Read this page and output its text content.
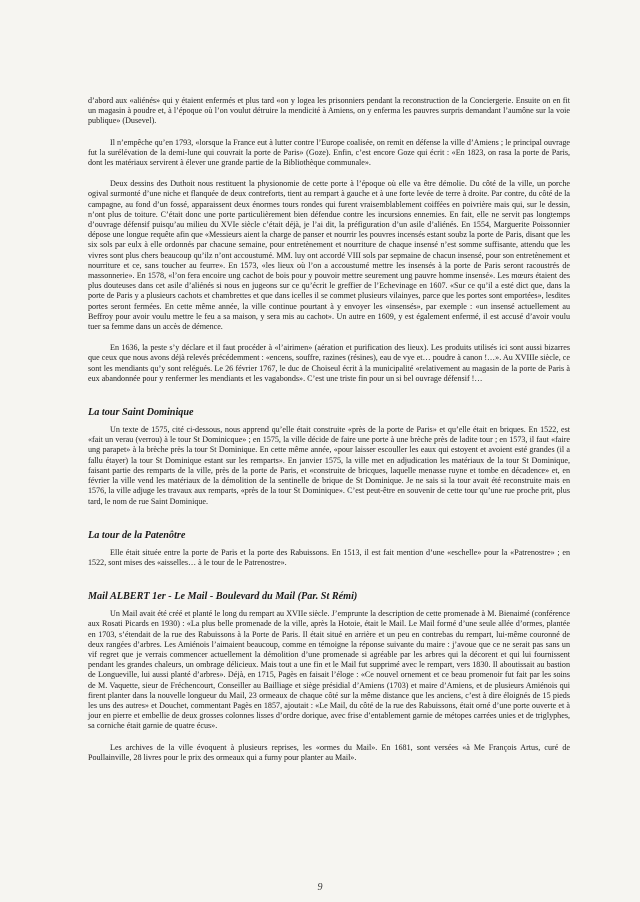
d’abord aux «aliénés» qui y étaient enfermés et plus tard «on y logea les prisonniers pendant la reconstruction de la Conciergerie. Ensuite on en fit un magasin à poudre et, à l’époque où l’on voulut détruire la mendicité à Amiens, on y enferma les pauvres surpris demandant l’aumône sur la voie publique» (Dusevel).

Il n’empêche qu’en 1793, «lorsque la France eut à lutter contre l’Europe coalisée, on remit en défense la ville d’Amiens ; le principal ouvrage fut la surélévation de la demi-lune qui couvrait la porte de Paris» (Goze). Enfin, c’est encore Goze qui écrit : «En 1823, on rasa la porte de Paris, dont les matériaux servirent à élever une grande partie de la Bibliothèque communale».

Deux dessins des Duthoit nous restituent la physionomie de cette porte à l’époque où elle va être démolie. Du côté de la ville, un porche ogival surmonté d’une niche et flanquée de deux contreforts, tient au rempart à gauche et à une forte levée de terre à droite. Par contre, du côté de la campagne, au fond d’un fossé, apparaissent deux énormes tours rondes qui furent vraisemblablement coiffées en poivrière mais qui, sur le dessin, n’ont plus de toiture. C’était donc une porte particulièrement bien défendue contre les incursions ennemies. En fait, elle ne servit pas longtemps d’ouvrage défensif puisqu’au milieu du XVIe siècle c’était déjà, je l’ai dit, la préfiguration d’un asile d’aliénés. En 1554, Marguerite Poissonnier dépose une longue requête afin que «Messieurs aient la charge de panser et nourrir les pouvres incensés estant soubz la porte de Paris, disant que les six sols par eulx à elle ordonnés par chacune semaine, pour entretènement et nourriture de chaque insensé n’est somme suffisante, attendu que les vivres sont plus chers beaucoup qu’ilz n’ont accoustumé. MM. luy ont accordé VIII sols par sepmaine de chacun insensé, pour son entretènement et nourriture et ce, sans toucher au feurre». En 1573, «les lieux où l’on a accoustumé mettre les insensés à la porte de Paris seront racoustrés de massonnerie». En 1578, «l’on fera encoire ung cachot de bois pour y pouvoir mettre seurement ung pauvre homme insensé». Les mœurs étaient des plus douteuses dans cet asile d’aliénés si nous en jugeons sur ce qu’écrit le greffier de l’Echevinage en 1607. «Sur ce qu’il a esté dict que, dans la porte de Paris y a plusieurs cachots et chambrettes et que dans icelles il se commet plusieurs vilainyes, parce que les portes sont emportées», lesdites portes seront fermées. En cette même année, la ville continue pourtant à y envoyer les «insensés», par exemple : «un insensé actuellement au Beffroy pour avoir voulu mettre le feu a sa maison, y sera mis au cachot». Un autre en 1609, y est également enfermé, il est accusé d’avoir voulu tuer sa femme dans un accès de démence.

En 1636, la peste s’y déclare et il faut procéder à «l’airimen» (aération et purification des lieux). Les produits utilisés ici sont aussi bizarres que ceux que nous avons déjà relevés précédemment : «encens, souffre, razines (résines), eau de vye et… poudre à canon !…». Au XVIIIe siècle, ce sont les mendiants qu’y sont relégués. Le 26 février 1767, le duc de Choiseul écrit à la municipalité «relativement au magasin de la porte de Paris à eux abandonnée pour y renfermer les mendiants et les vagabonds». C’est une triste fin pour un si bel ouvrage défensif !…

La tour Saint Dominique

Un texte de 1575, cité ci-dessous, nous apprend qu’elle était construite «près de la porte de Paris» et qu’elle était en briques. En 1522, est «fait un verau (verrou) à le tour St Dominicque» ; en 1575, la ville décide de faire une porte à une brèche près de ladite tour ; en 1573, il faut «faire ung parapet» à la brèche près la tour St Dominique. En cette même année, «pour laisser escouller les eaux qui estoyent et avoient esté grandes (il a fallu étayer) la tour St Dominique estant sur les remparts». En janvier 1575, la ville met en adjudication les matériaux de la tour St Dominique, faisant partie des remparts de la ville, près de la porte de Paris, et «construite de bricques, laquelle menasse ruyne et tombe en décadence» et, en février la ville vend les matériaux de la démolition de la sentinelle de brique de St Dominique. Je ne sais si la tour avait été reconstruite mais en 1576, la ville adjuge les travaux aux remparts, «près de la tour St Dominique». C’est peut-être en souvenir de cette tour qu’une rue proche prit, plus tard, le nom de rue Saint Dominique.

La tour de la Patenôtre

Elle était située entre la porte de Paris et la porte des Rabuissons. En 1513, il est fait mention d’une «eschelle» pour la «Patrenostre» ; en 1522, sont mises des «aisselles… à le tour de le Patrenostre».

Mail ALBERT 1er - Le Mail - Boulevard du Mail (Par. St Rémi)

Un Mail avait été créé et planté le long du rempart au XVIIe siècle. J’emprunte la description de cette promenade à M. Bienaimé (conférence aux Rosati Picards en 1930) : «La plus belle promenade de la ville, après la Hotoie, était le Mail. Le Mail formé d’une seule allée d’ormes, plantée en 1703, s’étendait de la rue des Rabuissons à la Porte de Paris. Il était situé en arrière et un peu en contrebas du rempart, lui-même couronné de deux rangées d’arbres. Les Amiénois l’aimaient beaucoup, comme en témoigne la réponse suivante du maire : j’avoue que ce ne serait pas sans un vif regret que je verrais commencer actuellement la démolition d’une promenade si agréable par les arbres qui la décorent et qui lui fournissent pendant les grandes chaleurs, un ombrage délicieux. Mais tout a une fin et le Mail fut supprimé avec le rempart, vers 1830. Il aboutissait au bastion de Longueville, lui aussi planté d’arbres». Déjà, en 1715, Pagès en faisait l’éloge : «Ce nouvel ornement et ce beau promenoir fut fait par les soins de M. Vaquette, sieur de Fréchencourt, Conseiller au Bailliage et siège présidial d’Amiens (1703) et maire d’Amiens, et de plusieurs Amiénois qui firent planter dans la nouvelle longueur du Mail, 23 ormeaux de chaque côté sur la même distance que les anciens, c’est à dire éloignés de 15 pieds les uns des autres» et Douchet, commentant Pagès en 1857, ajoutait : «Le Mail, du côté de la rue des Rabuissons, était orné d’une porte ouverte et à jour en pierre et embellie de deux grosses colonnes lisses d’ordre dorique, avec frise d’entablement garnie de métopes carrées unies et de triglyphes, sa corniche était garnie de quatre écus».

Les archives de la ville évoquent à plusieurs reprises, les «ormes du Mail». En 1681, sont versées «à Me François Artus, curé de Poullainville, 28 livres pour le prix des ormeaux qui a furny pour planter au Mail».

9
